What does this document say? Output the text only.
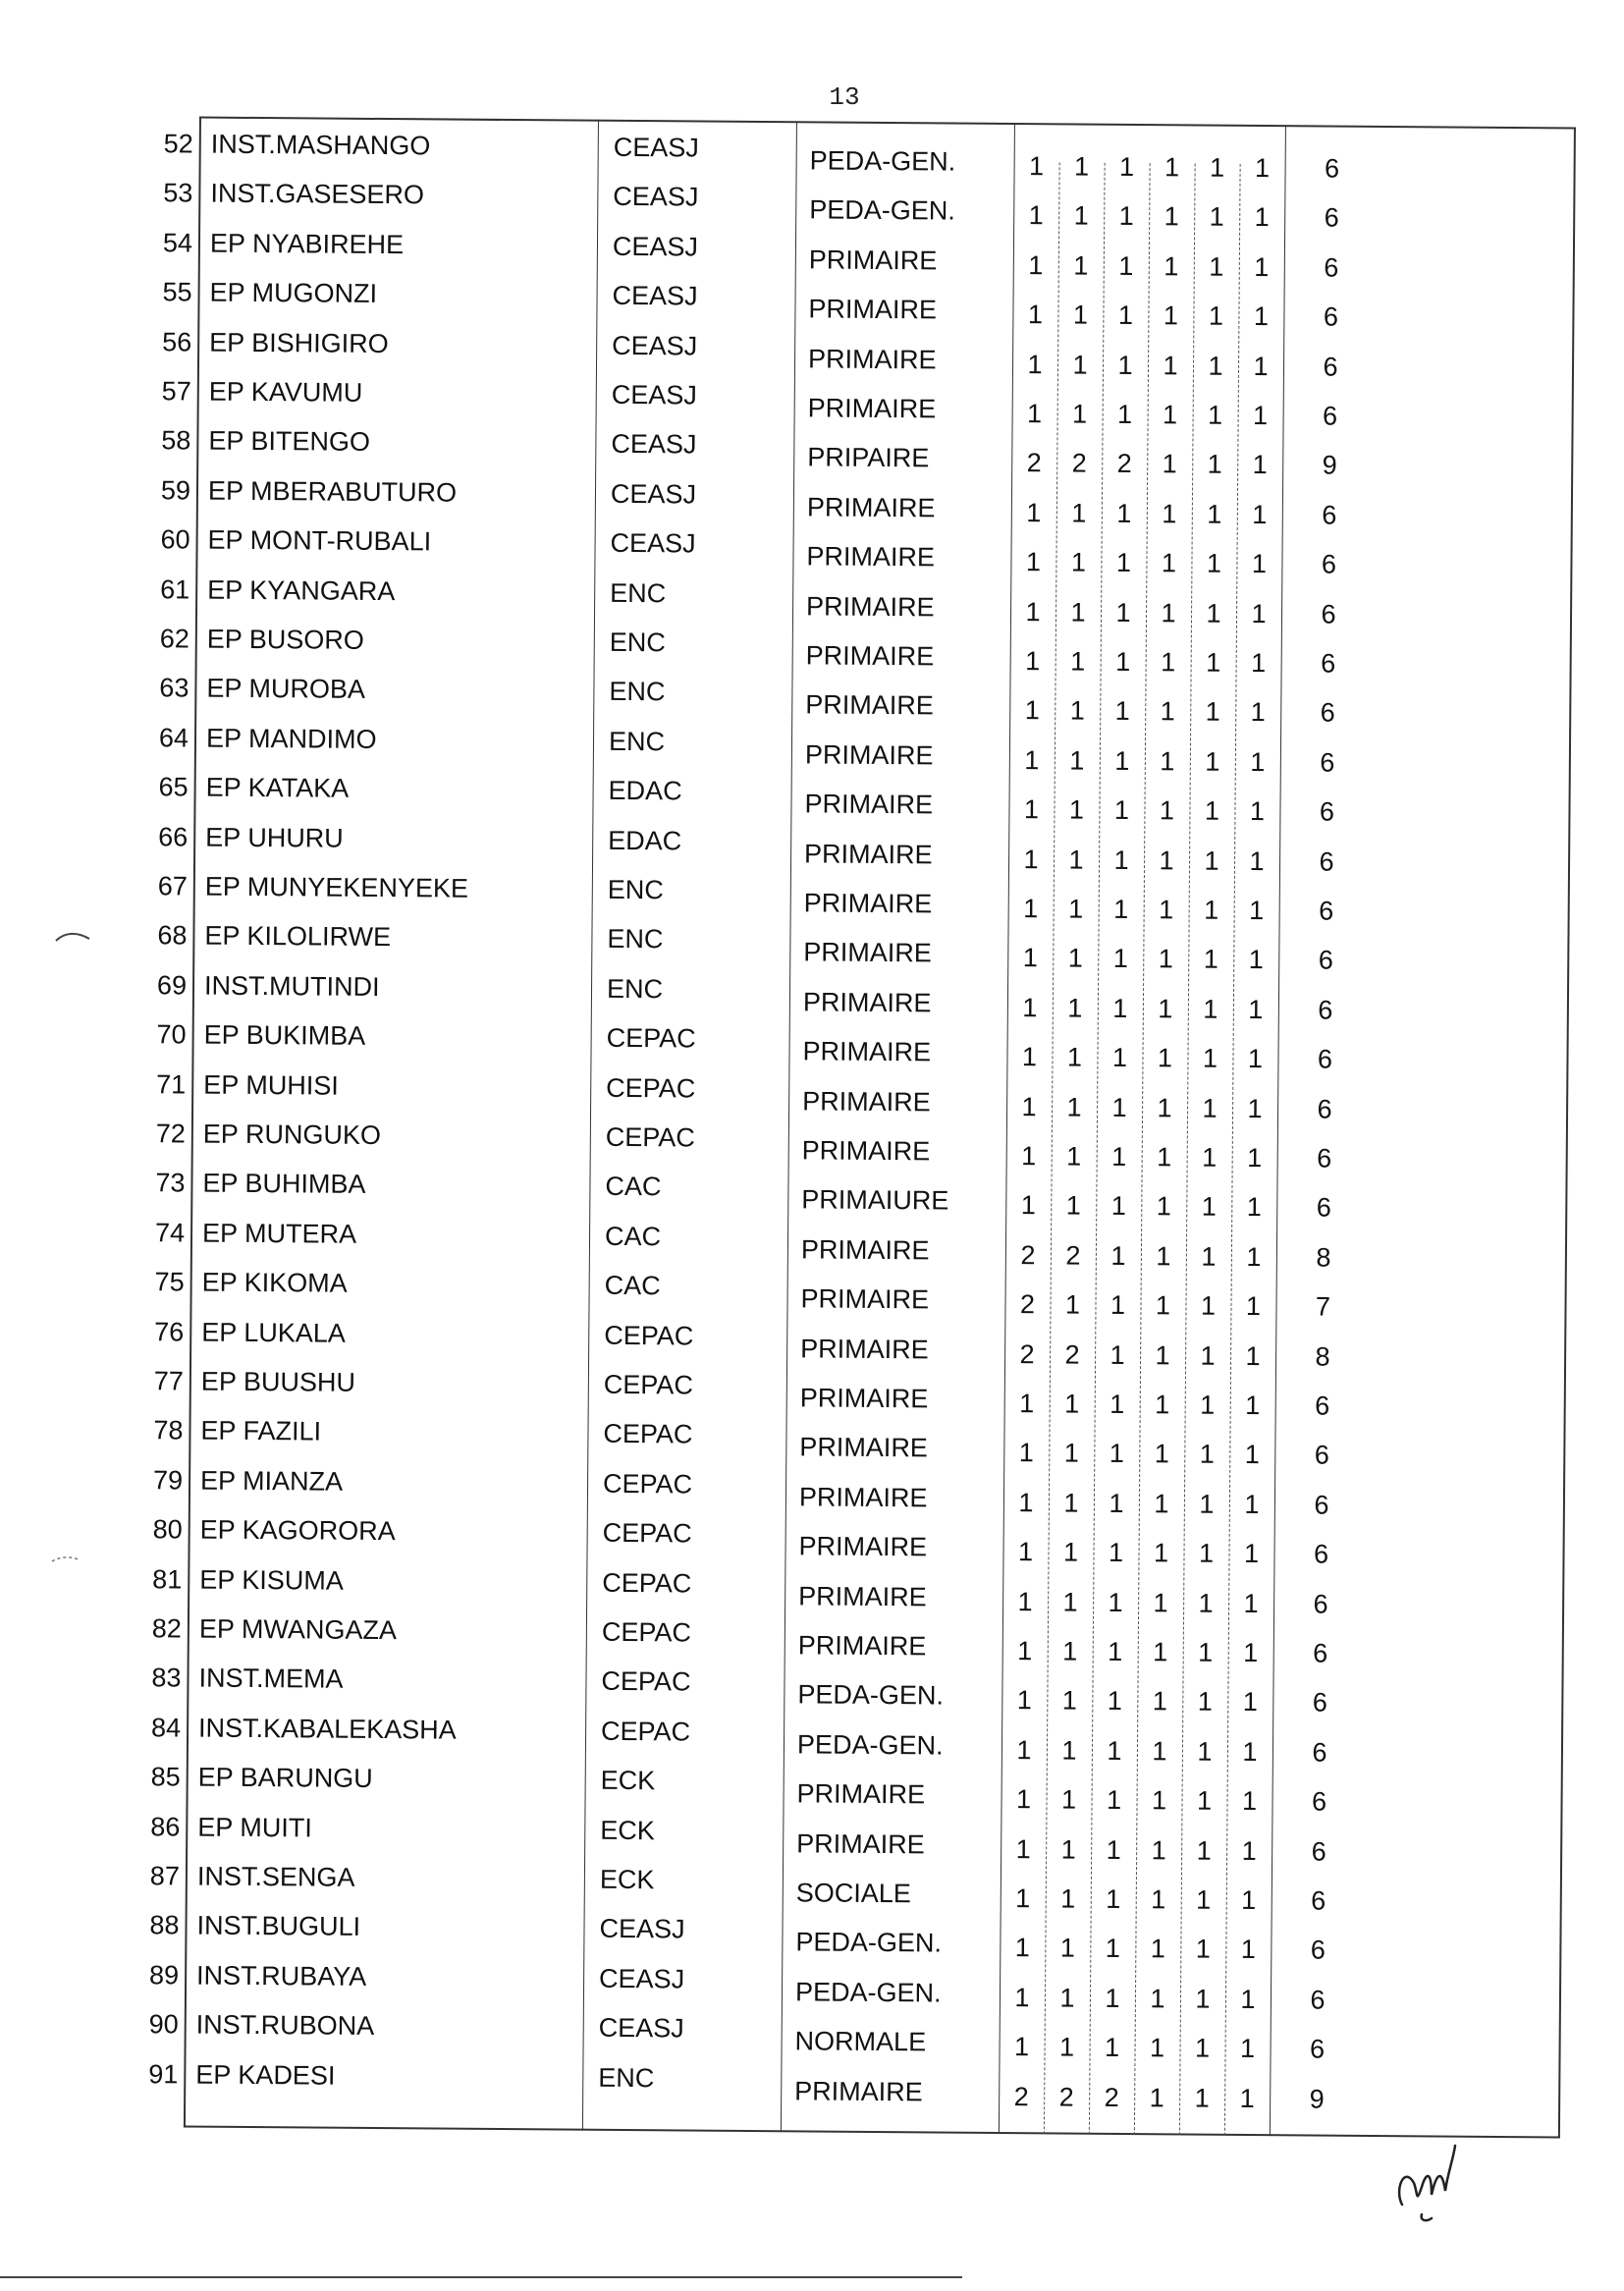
13
52 INST.MASHANGO	CEASJ	PEDA-GEN.	1	1	1	1	1	1	6
53 INST.GASESERO	CEASJ	PEDA-GEN.	1	1	1	1	1	1	6
54 EP NYABIREHE	CEASJ	PRIMAIRE	1	1	1	1	1	1	6
55 EP MUGONZI	CEASJ	PRIMAIRE	1	1	1	1	1	1	6
56 EP BISHIGIRO	CEASJ	PRIMAIRE	1	1	1	1	1	1	6
57 EP KAVUMU	CEASJ	PRIMAIRE	1	1	1	1	1	1	6
58 EP BITENGO	CEASJ	PRIPAIRE	2	2	2	1	1	1	9
59 EP MBERABUTURO	CEASJ	PRIMAIRE	1	1	1	1	1	1	6
60 EP MONT-RUBALI	CEASJ	PRIMAIRE	1	1	1	1	1	1	6
61 EP KYANGARA	ENC	PRIMAIRE	1	1	1	1	1	1	6
62 EP BUSORO	ENC	PRIMAIRE	1	1	1	1	1	1	6
63 EP MUROBA	ENC	PRIMAIRE	1	1	1	1	1	1	6
64 EP MANDIMO	ENC	PRIMAIRE	1	1	1	1	1	1	6
65 EP KATAKA	EDAC	PRIMAIRE	1	1	1	1	1	1	6
66 EP UHURU	EDAC	PRIMAIRE	1	1	1	1	1	1	6
67 EP MUNYEKENYEKE	ENC	PRIMAIRE	1	1	1	1	1	1	6
68 EP KILOLIRWE	ENC	PRIMAIRE	1	1	1	1	1	1	6
69 INST.MUTINDI	ENC	PRIMAIRE	1	1	1	1	1	1	6
70 EP BUKIMBA	CEPAC	PRIMAIRE	1	1	1	1	1	1	6
71 EP MUHISI	CEPAC	PRIMAIRE	1	1	1	1	1	1	6
72 EP RUNGUKO	CEPAC	PRIMAIRE	1	1	1	1	1	1	6
73 EP BUHIMBA	CAC	PRIMAIURE	1	1	1	1	1	1	6
74 EP MUTERA	CAC	PRIMAIRE	2	2	1	1	1	1	8
75 EP KIKOMA	CAC	PRIMAIRE	2	1	1	1	1	1	7
76 EP LUKALA	CEPAC	PRIMAIRE	2	2	1	1	1	1	8
77 EP BUUSHU	CEPAC	PRIMAIRE	1	1	1	1	1	1	6
78 EP FAZILI	CEPAC	PRIMAIRE	1	1	1	1	1	1	6
79 EP MIANZA	CEPAC	PRIMAIRE	1	1	1	1	1	1	6
80 EP KAGORORA	CEPAC	PRIMAIRE	1	1	1	1	1	1	6
81 EP KISUMA	CEPAC	PRIMAIRE	1	1	1	1	1	1	6
82 EP MWANGAZA	CEPAC	PRIMAIRE	1	1	1	1	1	1	6
83 INST.MEMA	CEPAC	PEDA-GEN.	1	1	1	1	1	1	6
84 INST.KABALEKASHA	CEPAC	PEDA-GEN.	1	1	1	1	1	1	6
85 EP BARUNGU	ECK	PRIMAIRE	1	1	1	1	1	1	6
86 EP MUITI	ECK	PRIMAIRE	1	1	1	1	1	1	6
87 INST.SENGA	ECK	SOCIALE	1	1	1	1	1	1	6
88 INST.BUGULI	CEASJ	PEDA-GEN.	1	1	1	1	1	1	6
89 INST.RUBAYA	CEASJ	PEDA-GEN.	1	1	1	1	1	1	6
90 INST.RUBONA	CEASJ	NORMALE	1	1	1	1	1	1	6
91 EP KADESI	ENC	PRIMAIRE	2	2	2	1	1	1	9
